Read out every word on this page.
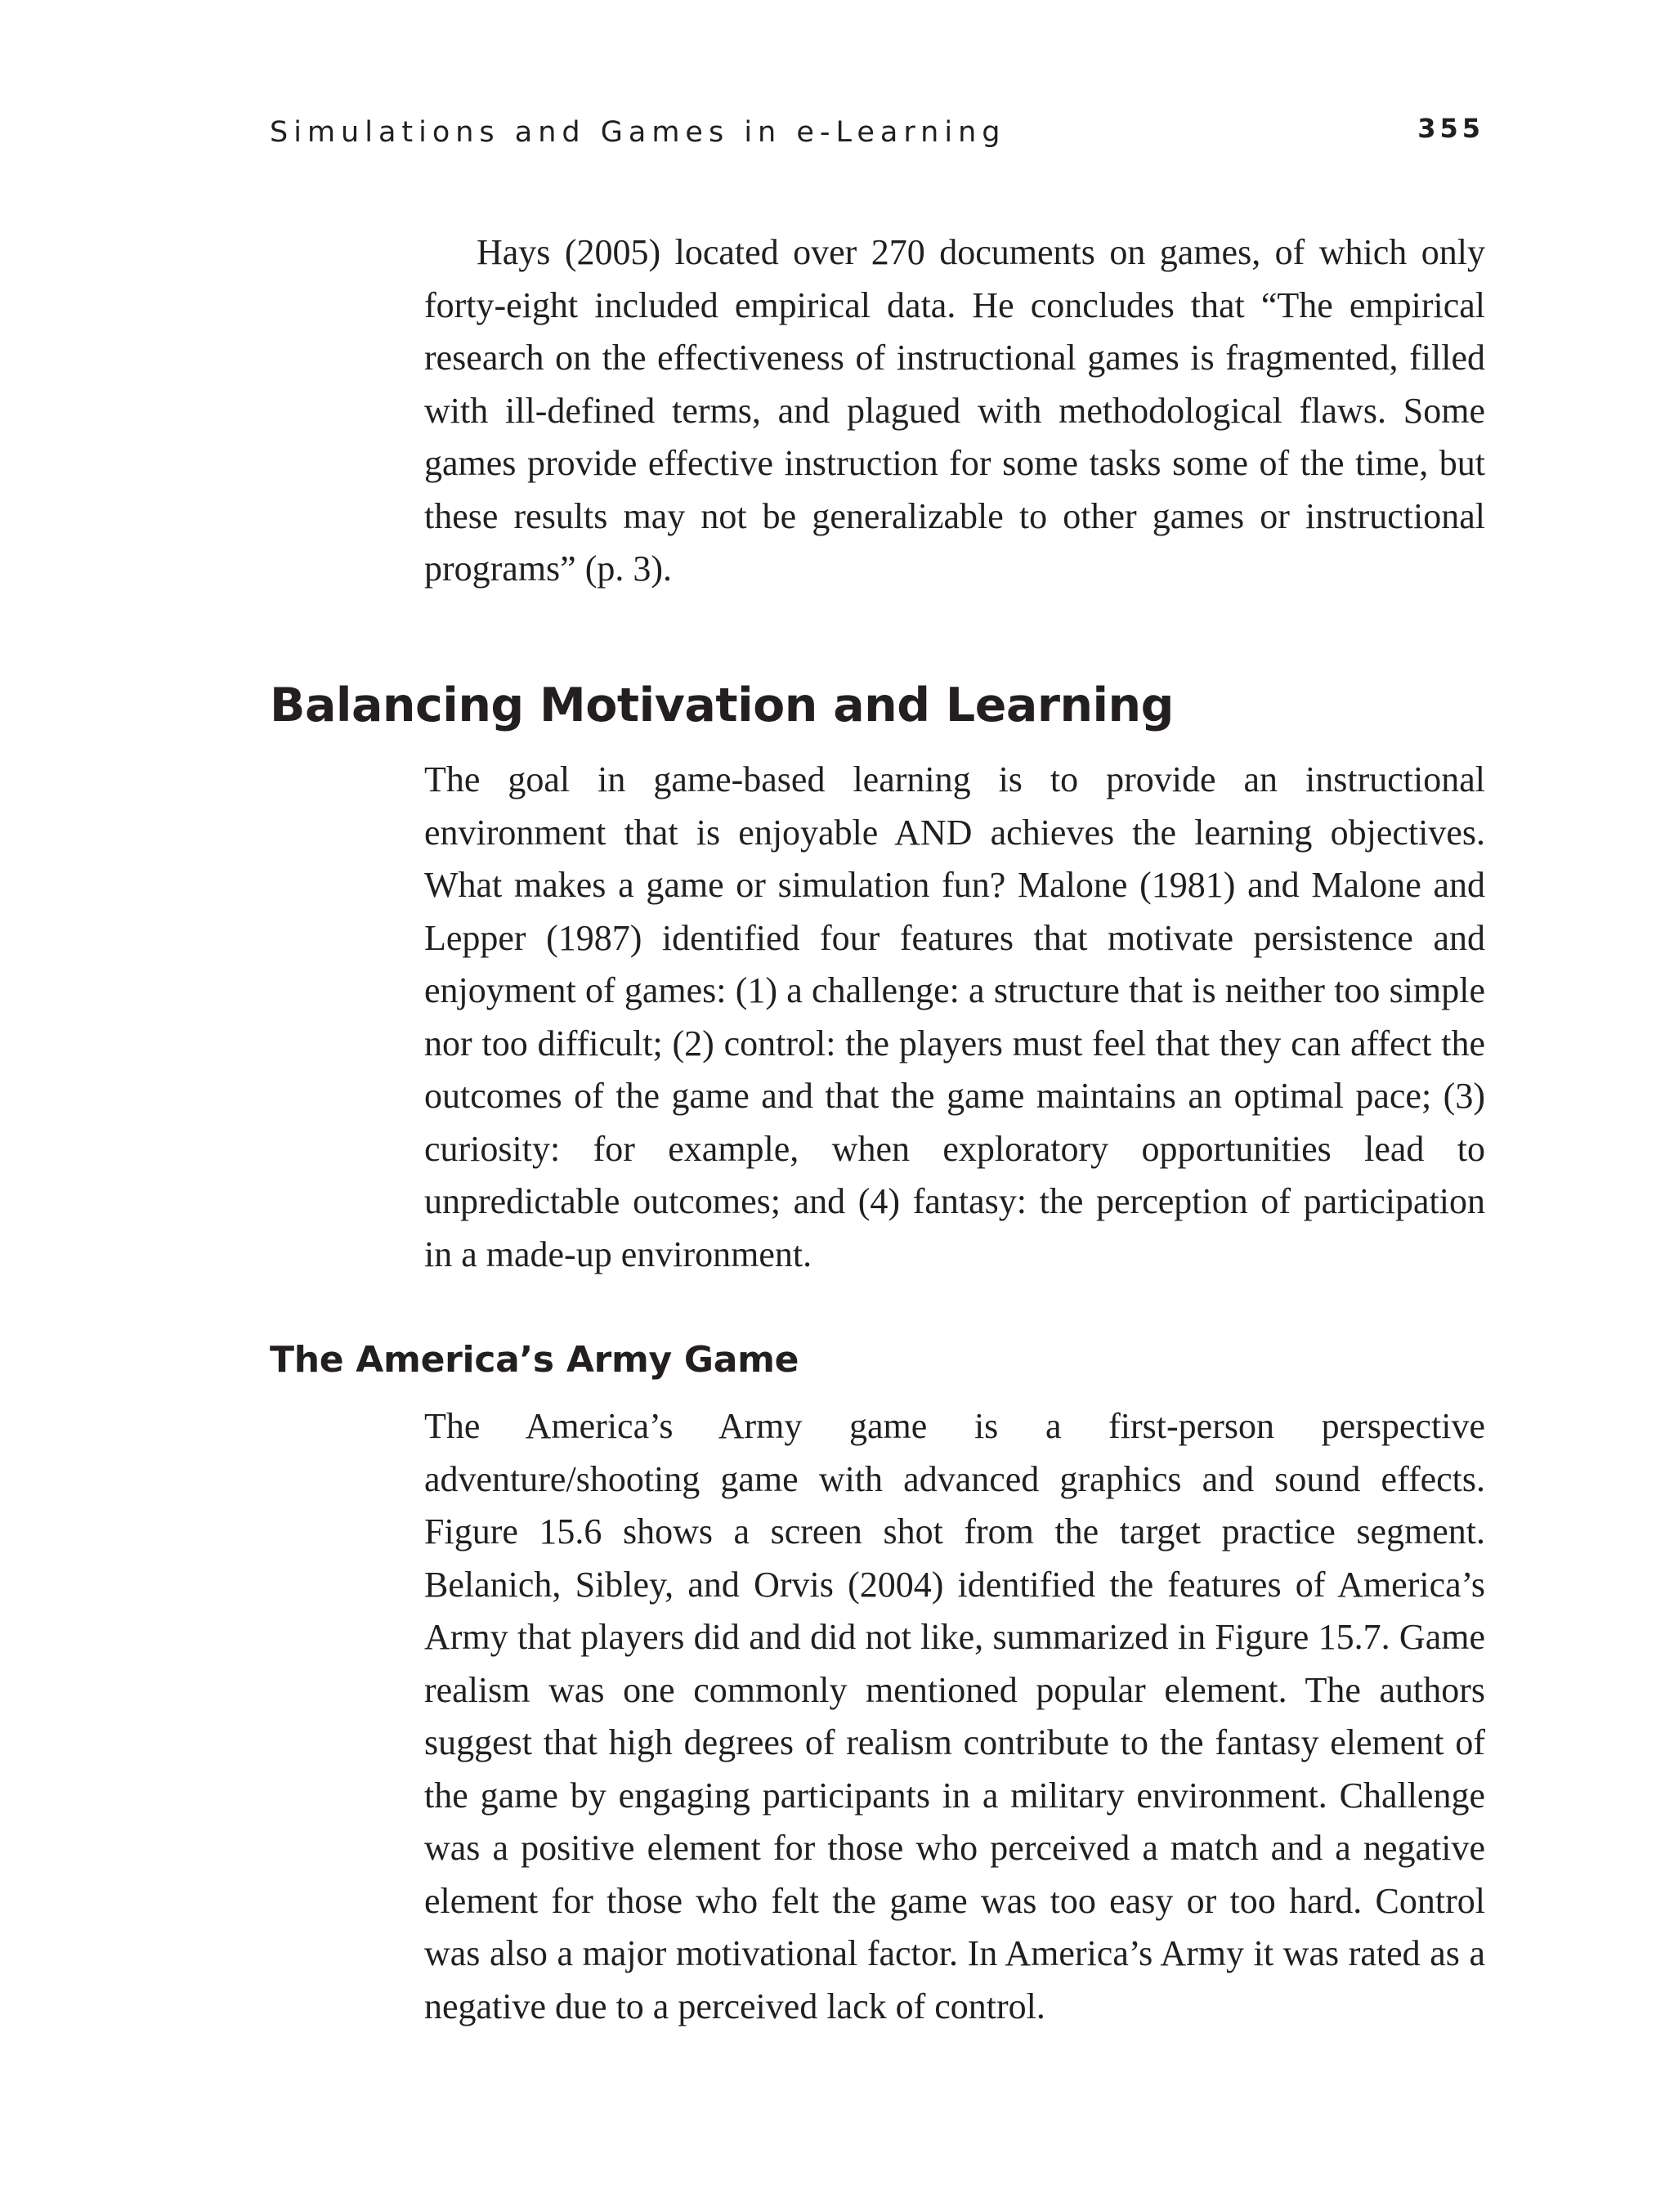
Simulations and Games in e-Learning	355

Hays (2005) located over 270 documents on games, of which only forty-eight included empirical data. He concludes that “The empirical research on the effectiveness of instructional games is fragmented, filled with ill-defined terms, and plagued with methodological flaws. Some games provide effective instruction for some tasks some of the time, but these results may not be generalizable to other games or instructional programs” (p. 3).

Balancing Motivation and Learning

The goal in game-based learning is to provide an instructional environment that is enjoyable AND achieves the learning objectives. What makes a game or simulation fun? Malone (1981) and Malone and Lepper (1987) identified four features that motivate persistence and enjoyment of games: (1) a challenge: a structure that is neither too simple nor too difficult; (2) control: the players must feel that they can affect the outcomes of the game and that the game maintains an optimal pace; (3) curiosity: for example, when exploratory opportunities lead to unpredictable outcomes; and (4) fantasy: the perception of participation in a made-up environment.

The America’s Army Game

The America’s Army game is a first-person perspective adventure/shooting game with advanced graphics and sound effects. Figure 15.6 shows a screen shot from the target practice segment. Belanich, Sibley, and Orvis (2004) identified the features of America’s Army that players did and did not like, summarized in Figure 15.7. Game realism was one commonly mentioned popular element. The authors suggest that high degrees of realism contribute to the fantasy element of the game by engaging participants in a military environment. Challenge was a positive element for those who perceived a match and a negative element for those who felt the game was too easy or too hard. Control was also a major motivational factor. In America’s Army it was rated as a negative due to a perceived lack of control.
